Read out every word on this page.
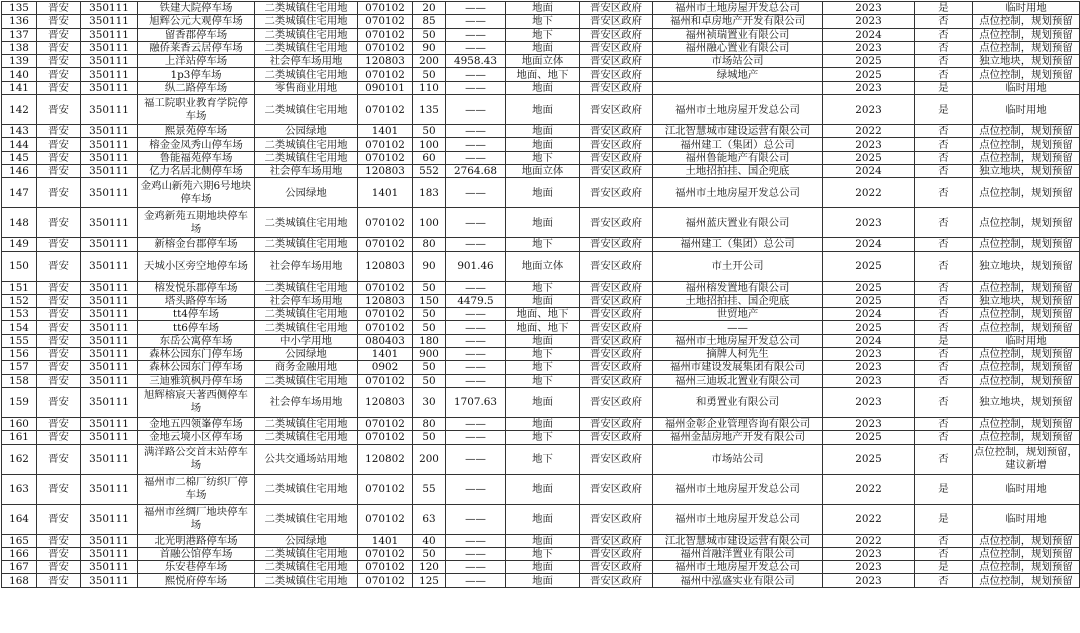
135	晋安	350111	铁建大院停车场	二类城镇住宅用地	070102	20	——	地面	晋安区政府	福州市土地房屋开发总公司	2023	是	临时用地
136	晋安	350111	旭辉公元大观停车场	二类城镇住宅用地	070102	85	——	地下	晋安区政府	福州和卓房地产开发有限公司	2023	否	点位控制，规划预留
137	晋安	350111	留香郡停车场	二类城镇住宅用地	070102	50	——	地下	晋安区政府	福州祯瑞置业有限公司	2024	否	点位控制，规划预留
138	晋安	350111	融侨莱香云居停车场	二类城镇住宅用地	070102	90	——	地面	晋安区政府	福州融心置业有限公司	2023	否	点位控制，规划预留
139	晋安	350111	上洋站停车场	社会停车场用地	120803	200	4958.43	地面立体	晋安区政府	市场站公司	2025	否	独立地块，规划预留
140	晋安	350111	1p3停车场	二类城镇住宅用地	070102	50	——	地面、地下	晋安区政府	绿城地产	2025	否	点位控制，规划预留
141	晋安	350111	纵二路停车场	零售商业用地	090101	110	——	地面	晋安区政府		2023	是	临时用地
142	晋安	350111	福工院职业教育学院停车场	二类城镇住宅用地	070102	135	——	地面	晋安区政府	福州市土地房屋开发总公司	2023	是	临时用地
143	晋安	350111	熙景苑停车场	公园绿地	1401	50	——	地面	晋安区政府	江北智慧城市建设运营有限公司	2022	否	点位控制，规划预留
144	晋安	350111	榕金金凤秀山停车场	二类城镇住宅用地	070102	100	——	地面	晋安区政府	福州建工（集团）总公司	2023	否	点位控制，规划预留
145	晋安	350111	鲁能福苑停车场	二类城镇住宅用地	070102	60	——	地下	晋安区政府	福州鲁能地产有限公司	2025	否	点位控制，规划预留
146	晋安	350111	亿力名居北侧停车场	社会停车场用地	120803	552	2764.68	地面立体	晋安区政府	土地招拍挂、国企兜底	2024	否	独立地块，规划预留
147	晋安	350111	金鸡山新苑六期6号地块停车场	公园绿地	1401	183	——	地面	晋安区政府	福州市土地房屋开发总公司	2022	否	点位控制，规划预留
148	晋安	350111	金鸡新苑五期地块停车场	二类城镇住宅用地	070102	100	——	地面	晋安区政府	福州蓝庆置业有限公司	2023	否	点位控制，规划预留
149	晋安	350111	新榕金台郡停车场	二类城镇住宅用地	070102	80	——	地下	晋安区政府	福州建工（集团）总公司	2024	否	点位控制，规划预留
150	晋安	350111	天城小区旁空地停车场	社会停车场用地	120803	90	901.46	地面立体	晋安区政府	市土开公司	2025	否	独立地块，规划预留
151	晋安	350111	榕发悦乐郡停车场	二类城镇住宅用地	070102	50	——	地下	晋安区政府	福州榕发置地有限公司	2025	否	点位控制，规划预留
152	晋安	350111	塔头路停车场	社会停车场用地	120803	150	4479.5	地面	晋安区政府	土地招拍挂、国企兜底	2025	否	独立地块，规划预留
153	晋安	350111	tt4停车场	二类城镇住宅用地	070102	50	——	地面、地下	晋安区政府	世贸地产	2024	否	点位控制，规划预留
154	晋安	350111	tt6停车场	二类城镇住宅用地	070102	50	——	地面、地下	晋安区政府	——	2025	否	点位控制，规划预留
155	晋安	350111	东岳公寓停车场	中小学用地	080403	180	——	地面	晋安区政府	福州市土地房屋开发总公司	2024	是	临时用地
156	晋安	350111	森林公园东门停车场	公园绿地	1401	900	——	地下	晋安区政府	摘牌人柯先生	2023	否	点位控制，规划预留
157	晋安	350111	森林公园东门停车场	商务金融用地	0902	50	——	地下	晋安区政府	福州市建设发展集团有限公司	2023	否	点位控制，规划预留
158	晋安	350111	三迪雅筑枫丹停车场	二类城镇住宅用地	070102	50	——	地下	晋安区政府	福州三迪坂北置业有限公司	2023	否	点位控制，规划预留
159	晋安	350111	旭辉榕宸天著西侧停车场	社会停车场用地	120803	30	1707.63	地面	晋安区政府	和勇置业有限公司	2023	否	独立地块，规划预留
160	晋安	350111	金地五四领峯停车场	二类城镇住宅用地	070102	80	——	地面	晋安区政府	福州金彰企业管理咨询有限公司	2023	否	点位控制，规划预留
161	晋安	350111	金地云境小区停车场	二类城镇住宅用地	070102	50	——	地下	晋安区政府	福州金喆房地产开发有限公司	2025	否	点位控制，规划预留
162	晋安	350111	满洋路公交首末站停车场	公共交通场站用地	120802	200	——	地下	晋安区政府	市场站公司	2025	否	点位控制，规划预留，建议新增
163	晋安	350111	福州市二棉厂纺织厂停车场	二类城镇住宅用地	070102	55	——	地面	晋安区政府	福州市土地房屋开发总公司	2022	是	临时用地
164	晋安	350111	福州市丝绸厂地块停车场	二类城镇住宅用地	070102	63	——	地面	晋安区政府	福州市土地房屋开发总公司	2022	是	临时用地
165	晋安	350111	北光明港路停车场	公园绿地	1401	40	——	地面	晋安区政府	江北智慧城市建设运营有限公司	2022	否	点位控制，规划预留
166	晋安	350111	首融公馆停车场	二类城镇住宅用地	070102	50	——	地下	晋安区政府	福州首融洋置业有限公司	2023	否	点位控制，规划预留
167	晋安	350111	乐安巷停车场	二类城镇住宅用地	070102	120	——	地面	晋安区政府	福州市土地房屋开发总公司	2023	是	点位控制，规划预留
168	晋安	350111	熙悦府停车场	二类城镇住宅用地	070102	125	——	地面	晋安区政府	福州中泓盛实业有限公司	2023	否	点位控制，规划预留
